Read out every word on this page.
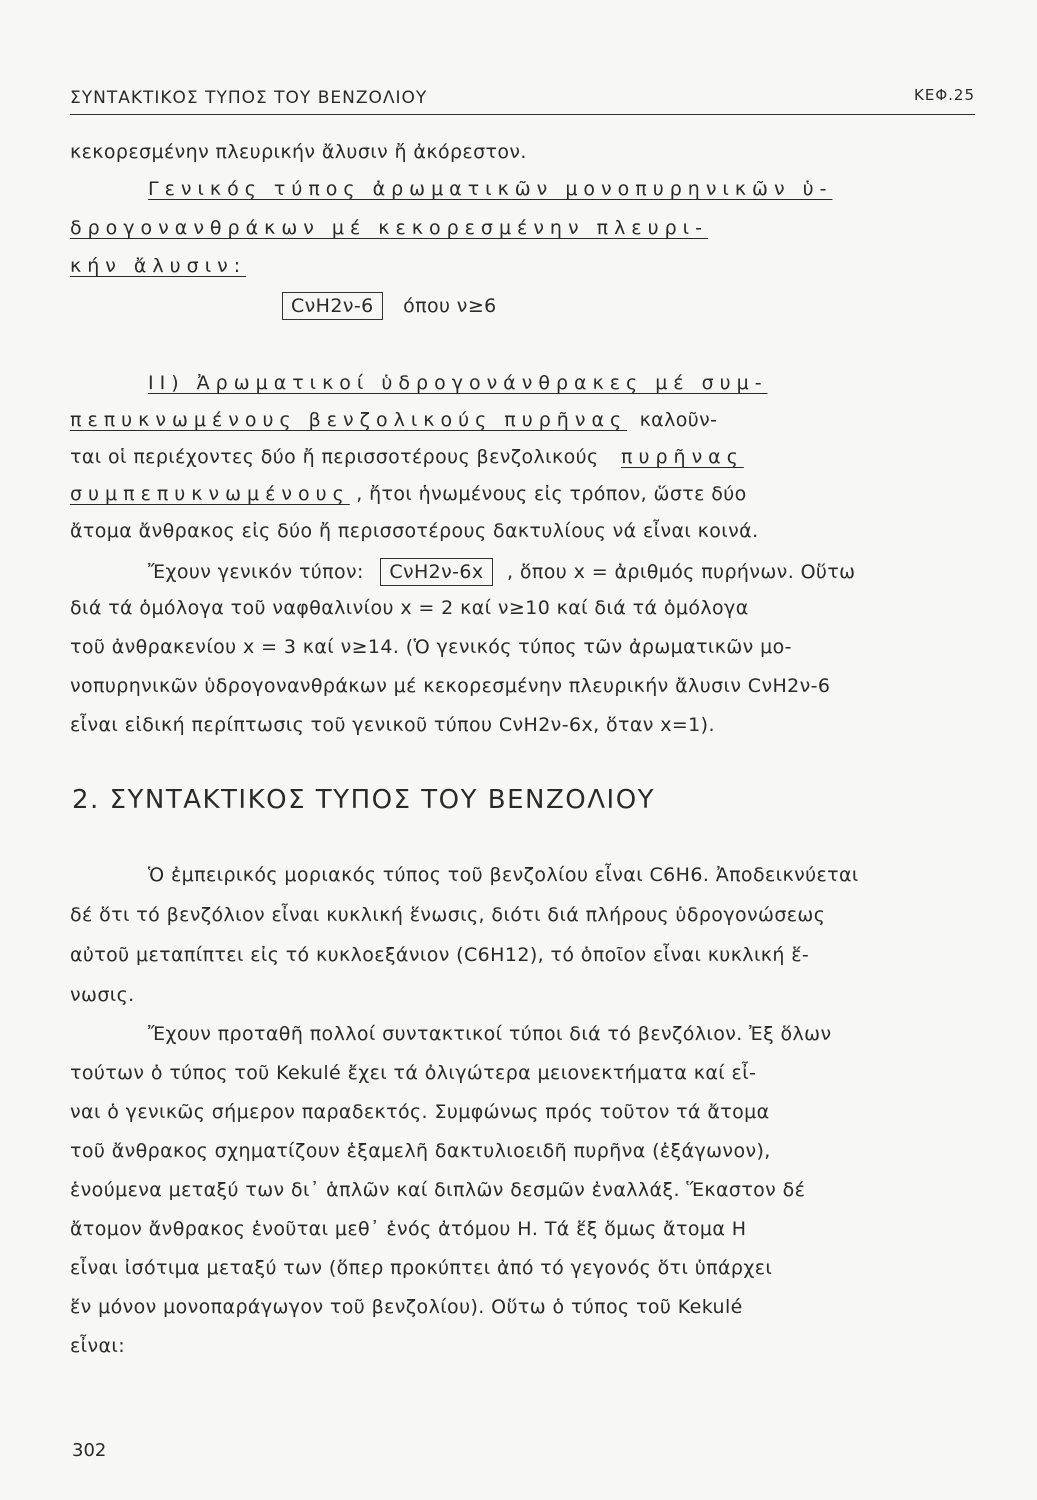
ΣΥΝΤΑΚΤΙΚΟΣ ΤΥΠΟΣ ΤΟΥ ΒΕΝΖΟΛΙΟΥ	ΚΕΦ.25
κεκορεσμένην πλευρικήν ἄλυσιν ἤ ἀκόρεστον.
Γενικός τύπος ἀρωματικῶν μονοπυρηνικῶν ὑ-
δρογονανθράκων μέ κεκορεσμένην πλευρι-
κήν ἄλυσιν:
CνH2ν-6 όπου ν≥6
ΙΙ) Ἀρωματικοί ὑδρογονάνθρακες μέ συμ-
πεπυκνωμένους βενζολικούς πυρῆνας καλοῦν-
ται οἱ περιέχοντες δύο ἤ περισσοτέρους βενζολικούς πυρῆνας
συμπεπυκνωμένους , ἤτοι ἡνωμένους εἰς τρόπον, ὥστε δύο
ἄτομα ἄνθρακος εἰς δύο ἤ περισσοτέρους δακτυλίους νά εἶναι κοινά.
Ἔχουν γενικόν τύπον: CνH2ν-6x , ὅπου x = ἀριθμός πυρήνων. Οὕτω
διά τά ὁμόλογα τοῦ ναφθαλινίου x = 2 καί ν≥10 καί διά τά ὁμόλογα
τοῦ ἀνθρακενίου x = 3 καί ν≥14. (Ὁ γενικός τύπος τῶν ἀρωματικῶν μο-
νοπυρηνικῶν ὑδρογονανθράκων μέ κεκορεσμένην πλευρικήν ἄλυσιν CνH2ν-6
εἶναι εἰδική περίπτωσις τοῦ γενικοῦ τύπου CνH2ν-6x, ὅταν x=1).
2. ΣΥΝΤΑΚΤΙΚΟΣ ΤΥΠΟΣ ΤΟΥ ΒΕΝΖΟΛΙΟΥ
Ὁ ἐμπειρικός μοριακός τύπος τοῦ βενζολίου εἶναι C6H6. Ἀποδεικνύεται
δέ ὅτι τό βενζόλιον εἶναι κυκλική ἕνωσις, διότι διά πλήρους ὑδρογονώσεως
αὐτοῦ μεταπίπτει εἰς τό κυκλοεξάνιον (C6H12), τό ὁποῖον εἶναι κυκλική ἕ-
νωσις.
Ἔχουν προταθῆ πολλοί συντακτικοί τύποι διά τό βενζόλιον. Ἐξ ὅλων
τούτων ὁ τύπος τοῦ Kekulé ἔχει τά ὀλιγώτερα μειονεκτήματα καί εἶ-
ναι ὁ γενικῶς σήμερον παραδεκτός. Συμφώνως πρός τοῦτον τά ἄτομα
τοῦ ἄνθρακος σχηματίζουν ἑξαμελῆ δακτυλιοειδῆ πυρῆνα (ἑξάγωνον),
ἑνούμενα μεταξύ των δι᾿ ἁπλῶν καί διπλῶν δεσμῶν ἐναλλάξ. Ἕκαστον δέ
ἄτομον ἄνθρακος ἑνοῦται μεθ᾿ ἑνός ἀτόμου Η. Τά ἕξ ὅμως ἄτομα Η
εἶναι ἰσότιμα μεταξύ των (ὅπερ προκύπτει ἀπό τό γεγονός ὅτι ὑπάρχει
ἕν μόνον μονοπαράγωγον τοῦ βενζολίου). Οὕτω ὁ τύπος τοῦ Kekulé
εἶναι:
302
